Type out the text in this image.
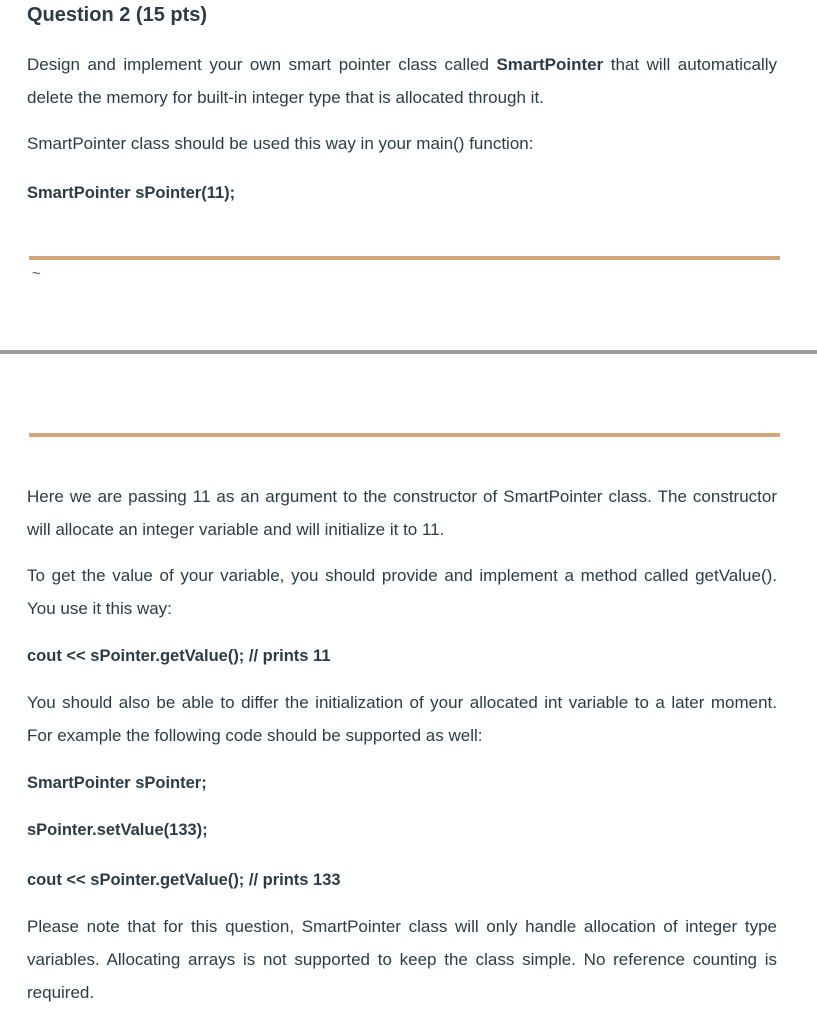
Question 2 (15 pts)

Design and implement your own smart pointer class called SmartPointer that will automatically delete the memory for built-in integer type that is allocated through it.

SmartPointer class should be used this way in your main() function:

SmartPointer sPointer(11);

~

Here we are passing 11 as an argument to the constructor of SmartPointer class. The constructor will allocate an integer variable and will initialize it to 11.

To get the value of your variable, you should provide and implement a method called getValue(). You use it this way:

cout << sPointer.getValue(); // prints 11

You should also be able to differ the initialization of your allocated int variable to a later moment. For example the following code should be supported as well:

SmartPointer sPointer;

sPointer.setValue(133);

cout << sPointer.getValue(); // prints 133

Please note that for this question, SmartPointer class will only handle allocation of integer type variables. Allocating arrays is not supported to keep the class simple. No reference counting is required.
